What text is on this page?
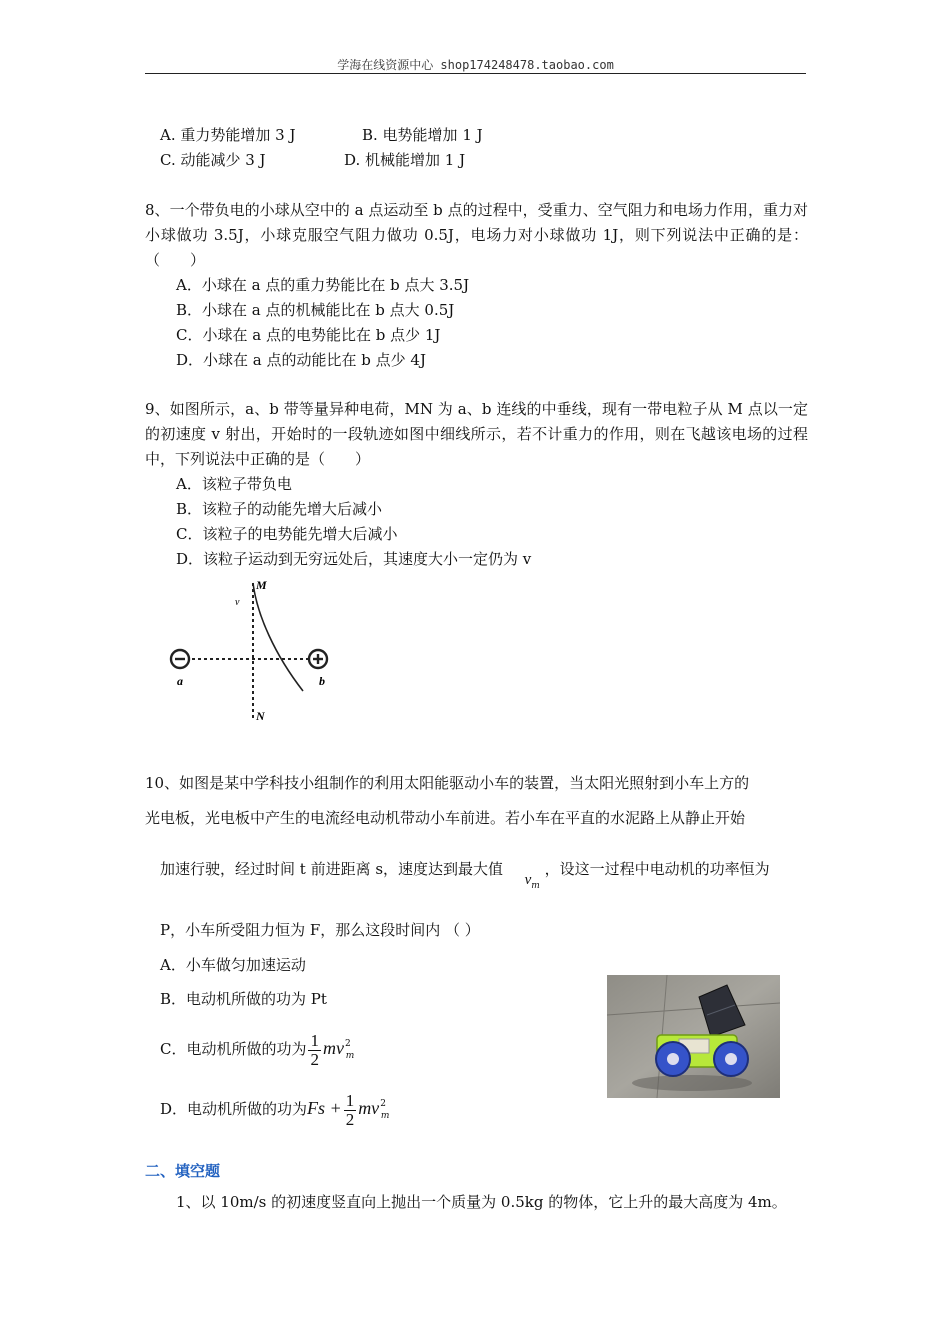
学海在线资源中心 shop174248478.taobao.com
A. 重力势能增加 3 J	B. 电势能增加 1 J
C. 动能减少 3 J	D. 机械能增加 1 J
8、一个带负电的小球从空中的 a 点运动至 b 点的过程中，受重力、空气阻力和电场力作用，重力对小球做功 3.5J，小球克服空气阻力做功 0.5J，电场力对小球做功 1J，则下列说法中正确的是：（　　）
A．小球在 a 点的重力势能比在 b 点大 3.5J
B．小球在 a 点的机械能比在 b 点大 0.5J
C．小球在 a 点的电势能比在 b 点少 1J
D．小球在 a 点的动能比在 b 点少 4J
9、如图所示，a、b 带等量异种电荷，MN 为 a、b 连线的中垂线，现有一带电粒子从 M 点以一定的初速度 v 射出，开始时的一段轨迹如图中细线所示，若不计重力的作用，则在飞越该电场的过程中，下列说法中正确的是（　　）
A．该粒子带负电
B．该粒子的动能先增大后减小
C．该粒子的电势能先增大后减小
D．该粒子运动到无穷远处后，其速度大小一定仍为 v
M
N
a	b
v
10、如图是某中学科技小组制作的利用太阳能驱动小车的装置，当太阳光照射到小车上方的
光电板，光电板中产生的电流经电动机带动小车前进。若小车在平直的水泥路上从静止开始
加速行驶，经过时间 t 前进距离 s，速度达到最大值  $v_m$ ，设这一过程中电动机的功率恒为
P，小车所受阻力恒为 F，那么这段时间内 （ ）
A．小车做匀加速运动
B．电动机所做的功为 Pt
C．电动机所做的功为 $\frac{1}{2} mv^2_m$
D．电动机所做的功为$Fs + \frac{1}{2} mv^2_m$
二、填空题
1、以 10m/s 的初速度竖直向上抛出一个质量为 0.5kg 的物体，它上升的最大高度为 4m。
